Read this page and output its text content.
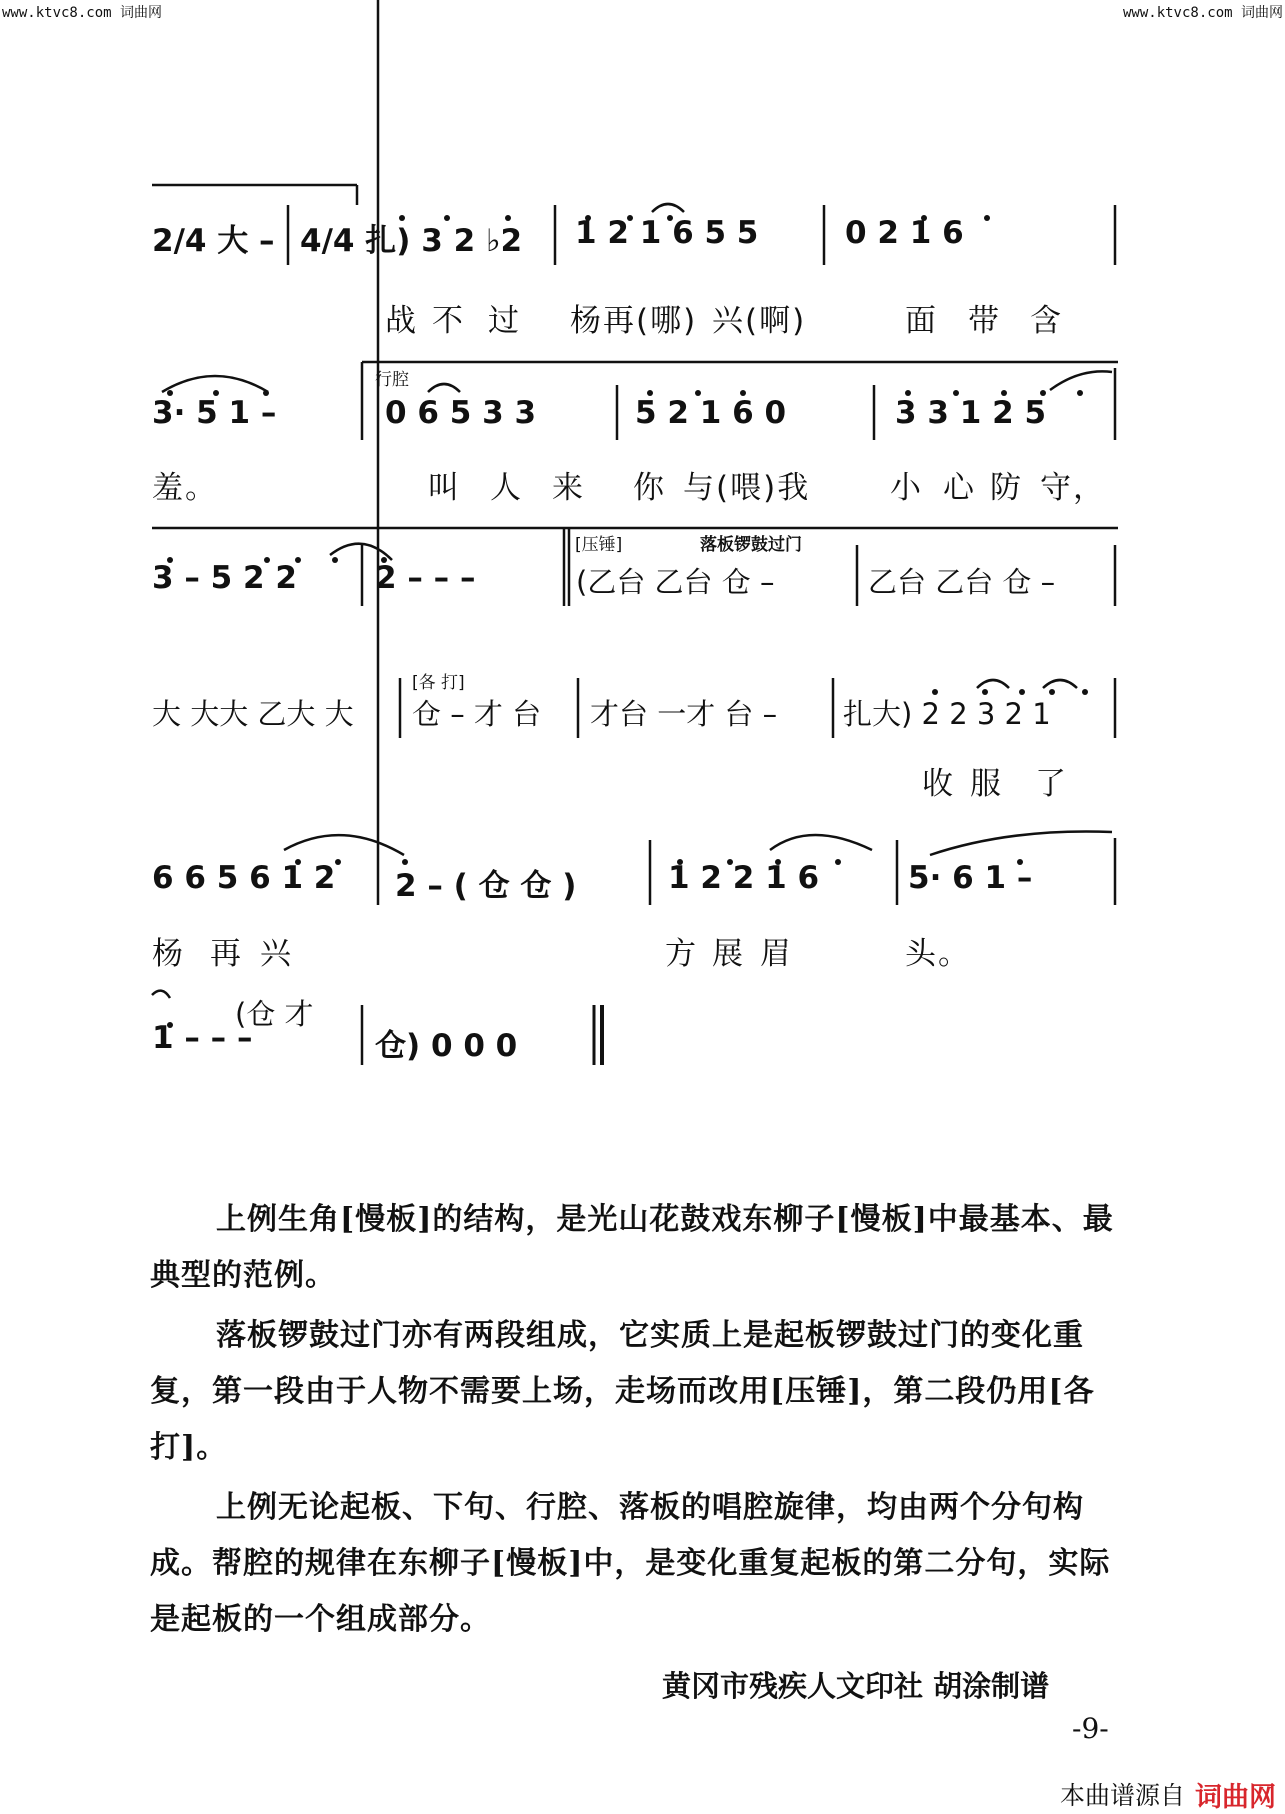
www.ktvc8.com 词曲网	www.ktvc8.com 词曲网
2/4 大 – 4/4 扎) 3 2 ♭2 1 2 1 6 5 5	0 2 1 6
战 不 过 杨再(哪) 兴(啊)	面 带 含
3· 5 1 –
行腔
0 6 5 3 3	5 2 1 6 0	3 3 1 2 5
羞。	叫 人 来 你 与(喂)我	小 心 防 守，
3 – 5 2 2	2 – – –
[压锤]	落板锣鼓过门
(乙台 乙台 仓 –	乙台 乙台 仓 –
大 大大 乙大 大
[各 打]
仓 – 才 台 才台 一才 台 – 扎大) 2 2 3 2 1
收 服 了
6 6 5 6 1 2 2 – ( 仓 仓 )	1 2 2 1 6	5· 6 1 –
杨 再 兴	方 展 眉	头。
(仓 才
1 – – –	仓) 0 0 0
上例生角[慢板]的结构，是光山花鼓戏东柳子[慢板]中最基本、最典型的范例。
落板锣鼓过门亦有两段组成，它实质上是起板锣鼓过门的变化重复，第一段由于人物不需要上场，走场而改用[压锤]，第二段仍用[各打]。
上例无论起板、下句、行腔、落板的唱腔旋律，均由两个分句构成。帮腔的规律在东柳子[慢板]中，是变化重复起板的第二分句，实际是起板的一个组成部分。
黄冈市残疾人文印社 胡涂制谱
-9-
本曲谱源自 词曲网
